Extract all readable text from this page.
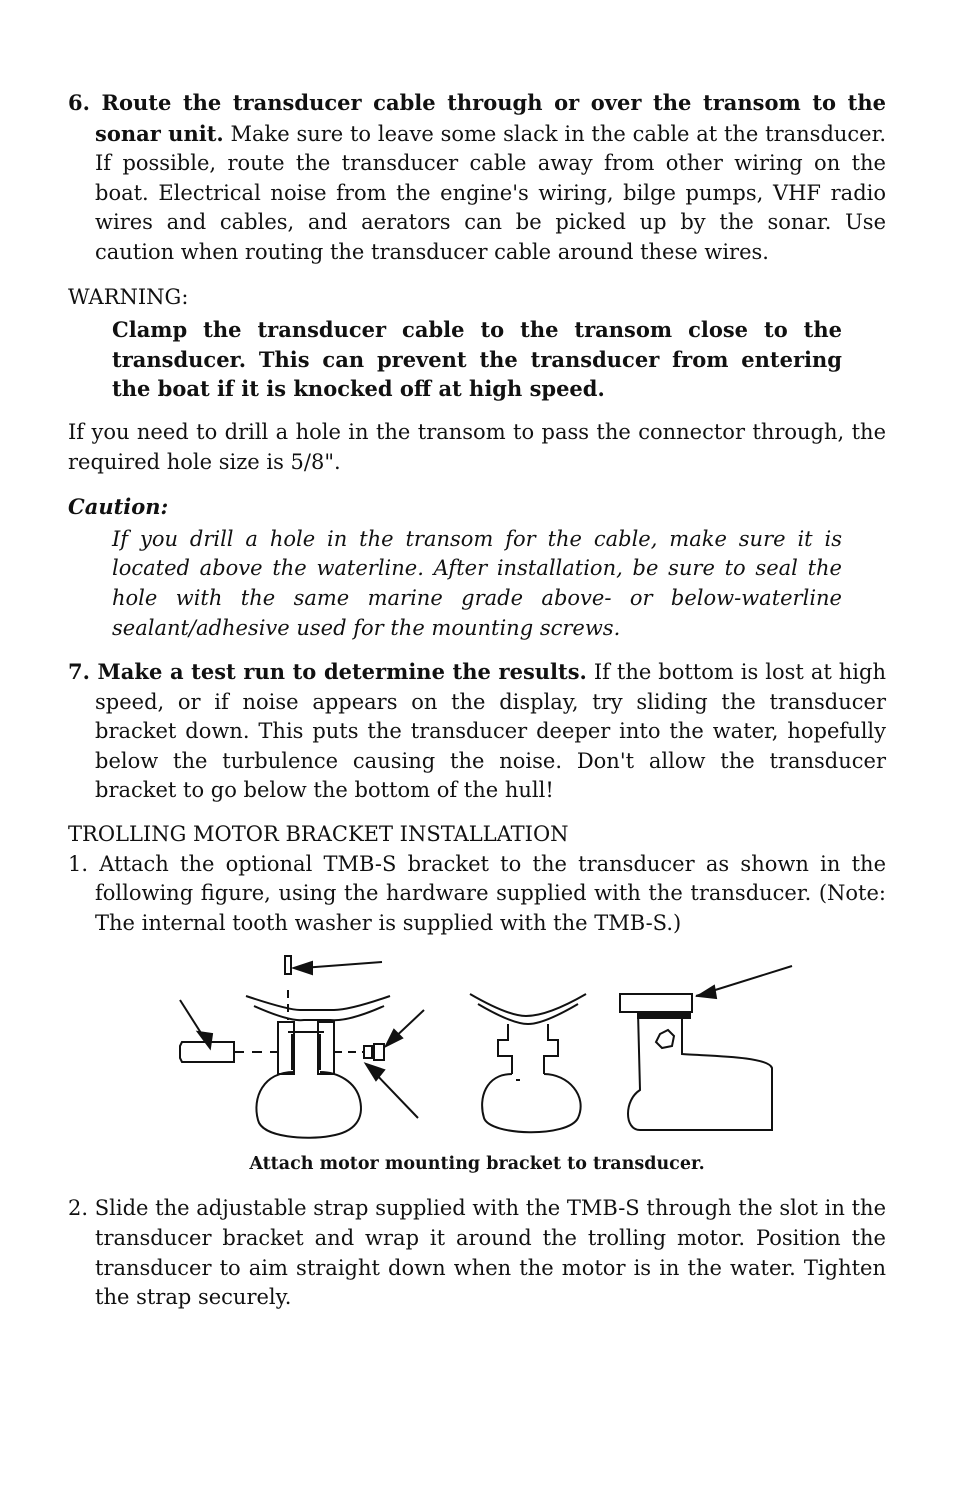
6. Route the transducer cable through or over the transom to the sonar unit. Make sure to leave some slack in the cable at the transducer. If possible, route the transducer cable away from other wiring on the boat. Electrical noise from the engine's wiring, bilge pumps, VHF radio wires and cables, and aerators can be picked up by the sonar. Use caution when routing the transducer cable around these wires.

WARNING:

Clamp the transducer cable to the transom close to the transducer. This can prevent the transducer from entering the boat if it is knocked off at high speed.

If you need to drill a hole in the transom to pass the connector through, the required hole size is 5/8".

Caution:

If you drill a hole in the transom for the cable, make sure it is located above the waterline. After installation, be sure to seal the hole with the same marine grade above- or below-waterline sealant/adhesive used for the mounting screws.

7. Make a test run to determine the results. If the bottom is lost at high speed, or if noise appears on the display, try sliding the transducer bracket down. This puts the transducer deeper into the water, hopefully below the turbulence causing the noise. Don't allow the transducer bracket to go below the bottom of the hull!

TROLLING MOTOR BRACKET INSTALLATION

1. Attach the optional TMB-S bracket to the transducer as shown in the following figure, using the hardware supplied with the transducer. (Note: The internal tooth washer is supplied with the TMB-S.)

Attach motor mounting bracket to transducer.

2. Slide the adjustable strap supplied with the TMB-S through the slot in the transducer bracket and wrap it around the trolling motor. Position the transducer to aim straight down when the motor is in the water. Tighten the strap securely.
